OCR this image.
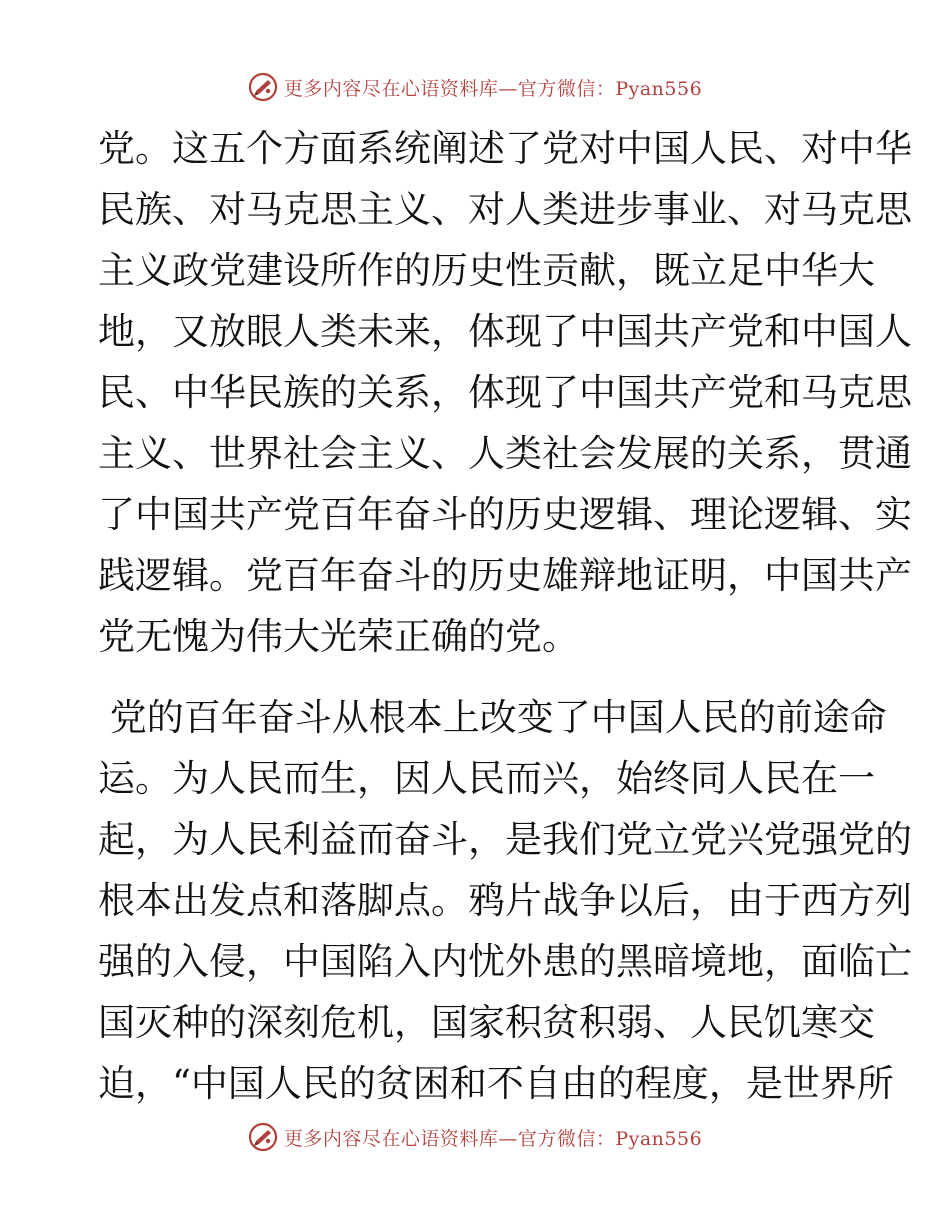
更多内容尽在心语资料库—官方微信：Pyan556
党。这五个方面系统阐述了党对中国人民、对中华
民族、对马克思主义、对人类进步事业、对马克思
主义政党建设所作的历史性贡献，既立足中华大
地，又放眼人类未来，体现了中国共产党和中国人
民、中华民族的关系，体现了中国共产党和马克思
主义、世界社会主义、人类社会发展的关系，贯通
了中国共产党百年奋斗的历史逻辑、理论逻辑、实
践逻辑。党百年奋斗的历史雄辩地证明，中国共产
党无愧为伟大光荣正确的党。
党的百年奋斗从根本上改变了中国人民的前途命
运。为人民而生，因人民而兴，始终同人民在一
起，为人民利益而奋斗，是我们党立党兴党强党的
根本出发点和落脚点。鸦片战争以后，由于西方列
强的入侵，中国陷入内忧外患的黑暗境地，面临亡
国灭种的深刻危机，国家积贫积弱、人民饥寒交
迫，“中国人民的贫困和不自由的程度，是世界所
更多内容尽在心语资料库—官方微信：Pyan556
